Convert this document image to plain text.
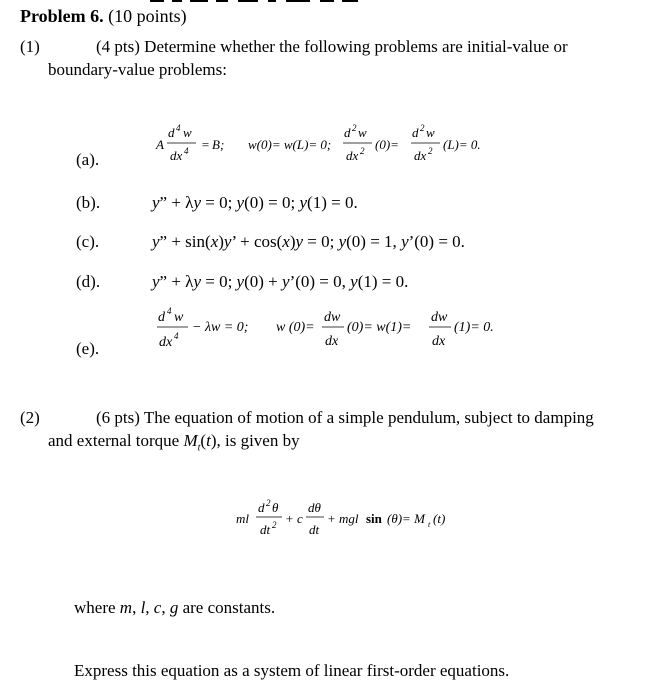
Problem 6. (10 points)
(1)	(4 pts) Determine whether the following problems are initial-value or
boundary-value problems:
(a).
A
d 4 w
dx 4 = B; w(0)= w(L)= 0;
d 2 w
dx 2 (0)=
d 2 w
dx 2 (L)= 0.
(b).	y” + λy = 0; y(0) = 0; y(1) = 0.
(c).	y” + sin(x)y’ + cos(x)y = 0; y(0) = 1, y’(0) = 0.
(d).	y” + λy = 0; y(0) + y’(0) = 0, y(1) = 0.
(e).
d 4 w
dx 4
− λw = 0; w (0)=
dw
dx
(0)= w(1)=
dw
dx
(1)= 0.
(2)	(6 pts) The equation of motion of a simple pendulum, subject to damping
and external torque $M_t(t)$, is given by
ml
d 2 θ
dt 2 + c
dθ
dt
+ mgl sin (θ)= M t (t)
where m, l, c, g are constants.
Express this equation as a system of linear first-order equations.
